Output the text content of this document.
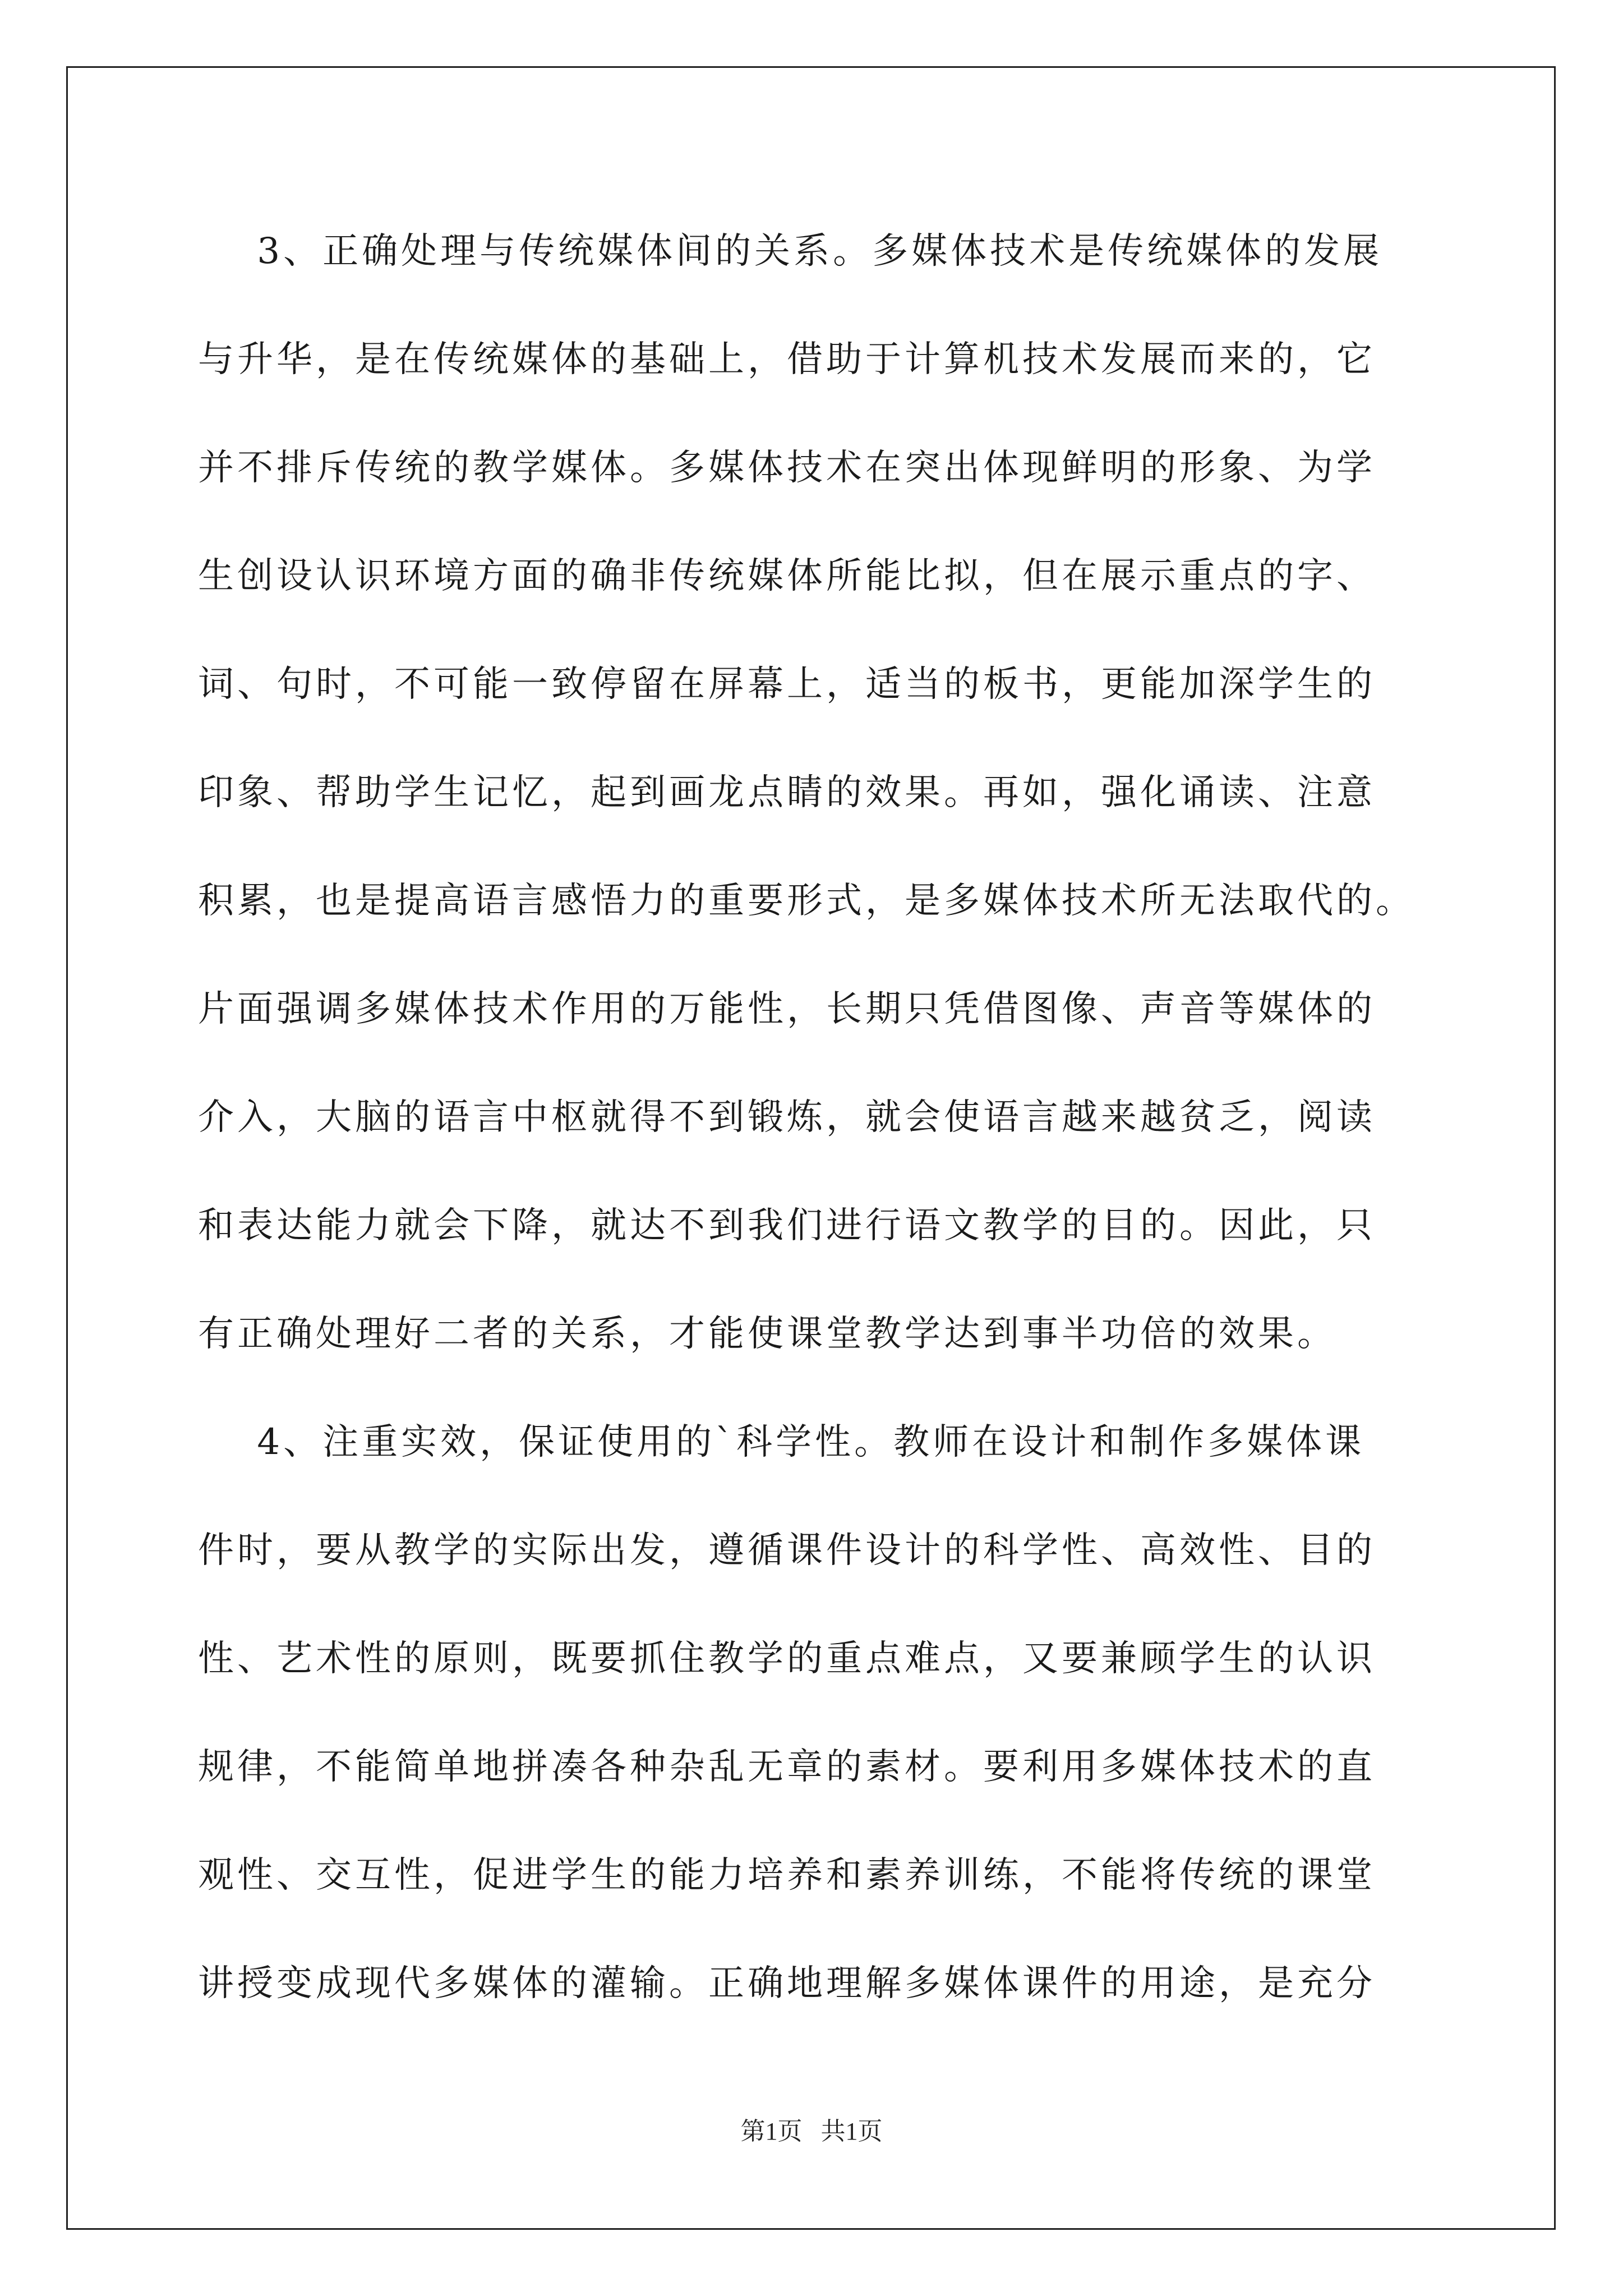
3、正确处理与传统媒体间的关系。多媒体技术是传统媒体的发展
与升华，是在传统媒体的基础上，借助于计算机技术发展而来的，它
并不排斥传统的教学媒体。多媒体技术在突出体现鲜明的形象、为学
生创设认识环境方面的确非传统媒体所能比拟，但在展示重点的字、
词、句时，不可能一致停留在屏幕上，适当的板书，更能加深学生的
印象、帮助学生记忆，起到画龙点睛的效果。再如，强化诵读、注意
积累，也是提高语言感悟力的重要形式，是多媒体技术所无法取代的。
片面强调多媒体技术作用的万能性，长期只凭借图像、声音等媒体的
介入，大脑的语言中枢就得不到锻炼，就会使语言越来越贫乏，阅读
和表达能力就会下降，就达不到我们进行语文教学的目的。因此，只
有正确处理好二者的关系，才能使课堂教学达到事半功倍的效果。
4、注重实效，保证使用的`科学性。教师在设计和制作多媒体课
件时，要从教学的实际出发，遵循课件设计的科学性、高效性、目的
性、艺术性的原则，既要抓住教学的重点难点，又要兼顾学生的认识
规律，不能简单地拼凑各种杂乱无章的素材。要利用多媒体技术的直
观性、交互性，促进学生的能力培养和素养训练，不能将传统的课堂
讲授变成现代多媒体的灌输。正确地理解多媒体课件的用途，是充分
第1页   共1页
